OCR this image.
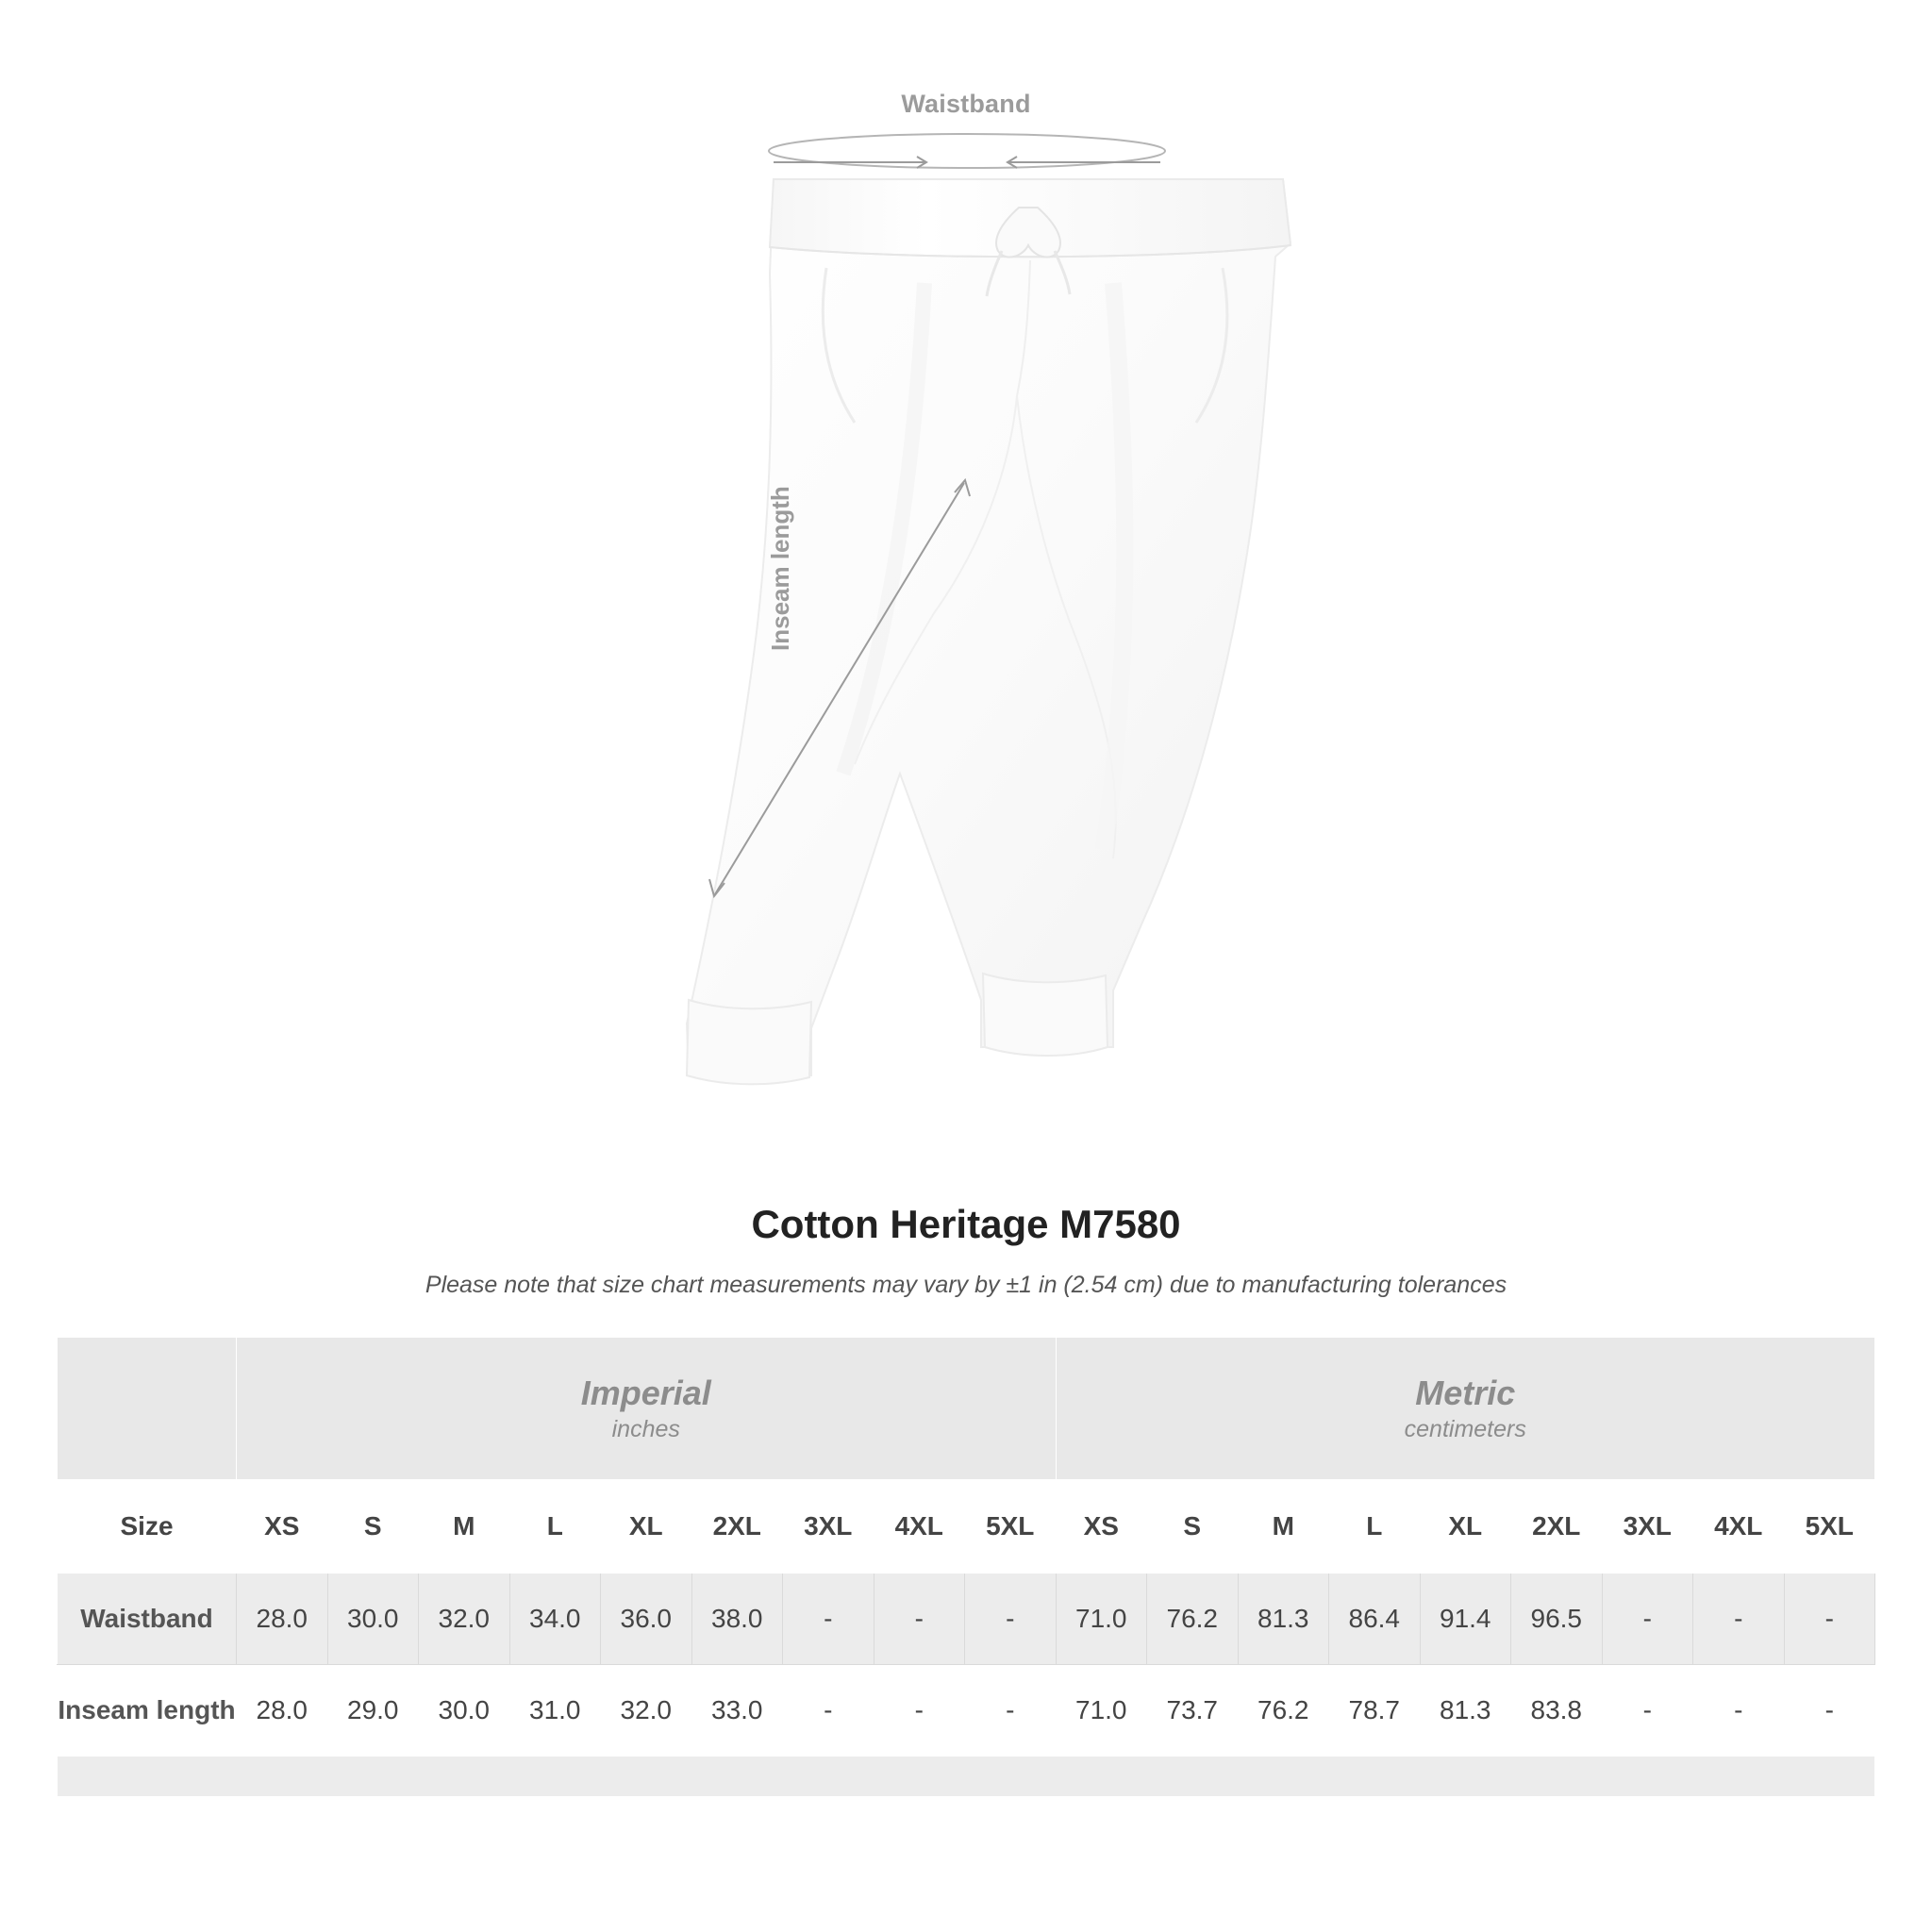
Waistband
Inseam length
Cotton Heritage M7580

Please note that size chart measurements may vary by ±1 in (2.54 cm) due to manufacturing tolerances

Imperial
inches

Metric
centimeters

Size	XS	S	M	L	XL	2XL	3XL	4XL	5XL	XS	S	M	L	XL	2XL	3XL	4XL	5XL
Waistband	28.0	30.0	32.0	34.0	36.0	38.0	-	-	-	71.0	76.2	81.3	86.4	91.4	96.5	-	-	-
Inseam length	28.0	29.0	30.0	31.0	32.0	33.0	-	-	-	71.0	73.7	76.2	78.7	81.3	83.8	-	-	-
